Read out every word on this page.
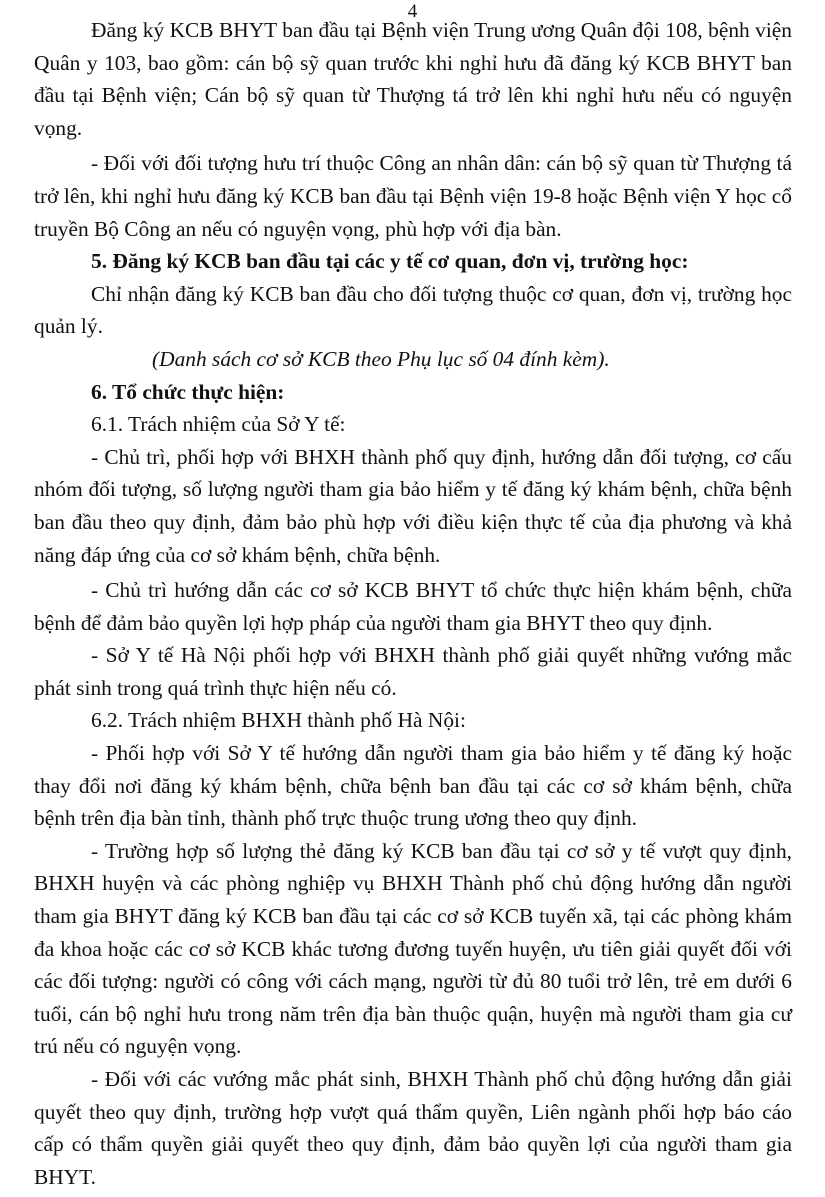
4

Đăng ký KCB BHYT ban đầu tại Bệnh viện Trung ương Quân đội 108, bệnh viện Quân y 103, bao gồm: cán bộ sỹ quan trước khi nghỉ hưu đã đăng ký KCB BHYT ban đầu tại Bệnh viện; Cán bộ sỹ quan từ Thượng tá trở lên khi nghỉ hưu nếu có nguyện vọng.

- Đối với đối tượng hưu trí thuộc Công an nhân dân: cán bộ sỹ quan từ Thượng tá trở lên, khi nghỉ hưu đăng ký KCB ban đầu tại Bệnh viện 19-8 hoặc Bệnh viện Y học cổ truyền Bộ Công an nếu có nguyện vọng, phù hợp với địa bàn.

5. Đăng ký KCB ban đầu tại các y tế cơ quan, đơn vị, trường học:

Chỉ nhận đăng ký KCB ban đầu cho đối tượng thuộc cơ quan, đơn vị, trường học quản lý.

(Danh sách cơ sở KCB theo Phụ lục số 04 đính kèm).

6. Tổ chức thực hiện:

6.1. Trách nhiệm của Sở Y tế:

- Chủ trì, phối hợp với BHXH thành phố quy định, hướng dẫn đối tượng, cơ cấu nhóm đối tượng, số lượng người tham gia bảo hiểm y tế đăng ký khám bệnh, chữa bệnh ban đầu theo quy định, đảm bảo phù hợp với điều kiện thực tế của địa phương và khả năng đáp ứng của cơ sở khám bệnh, chữa bệnh.

- Chủ trì hướng dẫn các cơ sở KCB BHYT tổ chức thực hiện khám bệnh, chữa bệnh để đảm bảo quyền lợi hợp pháp của người tham gia BHYT theo quy định.

- Sở Y tế Hà Nội phối hợp với BHXH thành phố giải quyết những vướng mắc phát sinh trong quá trình thực hiện nếu có.

6.2. Trách nhiệm BHXH thành phố Hà Nội:

- Phối hợp với Sở Y tế hướng dẫn người tham gia bảo hiểm y tế đăng ký hoặc thay đổi nơi đăng ký khám bệnh, chữa bệnh ban đầu tại các cơ sở khám bệnh, chữa bệnh trên địa bàn tỉnh, thành phố trực thuộc trung ương theo quy định.

- Trường hợp số lượng thẻ đăng ký KCB ban đầu tại cơ sở y tế vượt quy định, BHXH huyện và các phòng nghiệp vụ BHXH Thành phố chủ động hướng dẫn người tham gia BHYT đăng ký KCB ban đầu tại các cơ sở KCB tuyến xã, tại các phòng khám đa khoa hoặc các cơ sở KCB khác tương đương tuyến huyện, ưu tiên giải quyết đối với các đối tượng: người có công với cách mạng, người từ đủ 80 tuổi trở lên, trẻ em dưới 6 tuổi, cán bộ nghỉ hưu trong năm trên địa bàn thuộc quận, huyện mà người tham gia cư trú nếu có nguyện vọng.

- Đối với các vướng mắc phát sinh, BHXH Thành phố chủ động hướng dẫn giải quyết theo quy định, trường hợp vượt quá thẩm quyền, Liên ngành phối hợp báo cáo cấp có thẩm quyền giải quyết theo quy định, đảm bảo quyền lợi của người tham gia BHYT.
